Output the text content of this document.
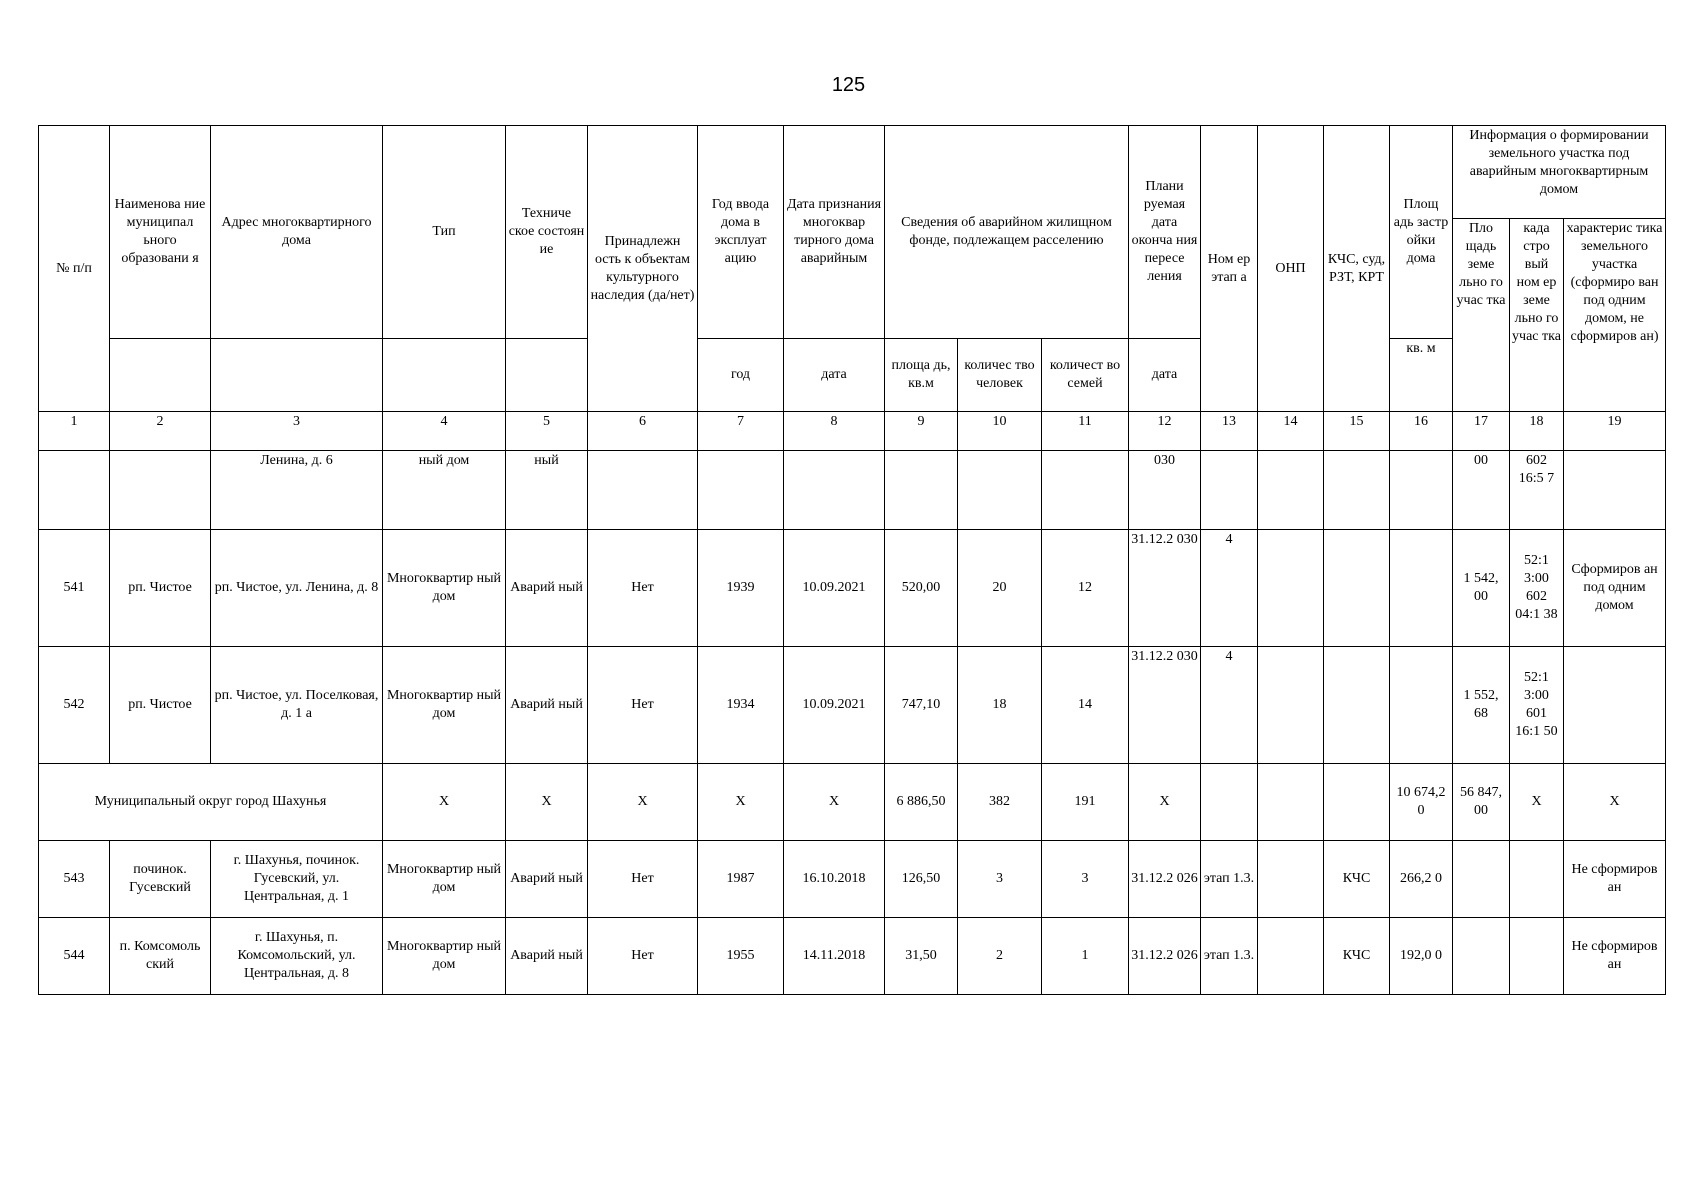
125
№ п/п	Наименова ние муниципал ьного образовани я	Адрес многоквартирного дома	Тип	Техниче ское состоян ие	Принадлежн ость к объектам культурного наследия (да/нет)	Год ввода дома в эксплуат ацию	Дата признания многоквар тирного дома аварийным	Сведения об аварийном жилищном фонде, подлежащем расселению			Плани руемая дата оконча ния пересе ления	Ном ер этап а	ОНП	КЧС, суд, РЗТ, КРТ	Площ адь застр ойки дома	Информация о формировании земельного участка под аварийным многоквартирным домом		
																Пло щадь земе льно го учас тка	када стро вый ном ер земе льно го учас тка	характерис тика земельного участка (сформиро ван под одним домом, не сформиров ан)
						год	дата	площа дь, кв.м	количес тво человек	количест во семей	дата				кв. м			
1	2	3	4	5	6	7	8	9	10	11	12	13	14	15	16	17	18	19
		Ленина, д. 6	ный дом	ный							030					00	602 16:5 7	
541	рп. Чистое	рп. Чистое, ул. Ленина, д. 8	Многоквартир ный дом	Аварий ный	Нет	1939	10.09.2021	520,00	20	12	31.12.2 030	4				1 542, 00	52:1 3:00 602 04:1 38	Сформиров ан под одним домом
542	рп. Чистое	рп. Чистое, ул. Поселковая, д. 1 а	Многоквартир ный дом	Аварий ный	Нет	1934	10.09.2021	747,10	18	14	31.12.2 030	4				1 552, 68	52:1 3:00 601 16:1 50	
Муниципальный округ город Шахунья			X	X	X	X	X	6 886,50	382	191	X				10 674,2 0	56 847, 00	X	X
543	починок. Гусевский	г. Шахунья, починок. Гусевский, ул. Центральная, д. 1	Многоквартир ный дом	Аварий ный	Нет	1987	16.10.2018	126,50	3	3	31.12.2 026	этап 1.3.		КЧС	266,2 0			Не сформиров ан
544	п. Комсомоль ский	г. Шахунья, п. Комсомольский, ул. Центральная, д. 8	Многоквартир ный дом	Аварий ный	Нет	1955	14.11.2018	31,50	2	1	31.12.2 026	этап 1.3.		КЧС	192,0 0			Не сформиров ан
